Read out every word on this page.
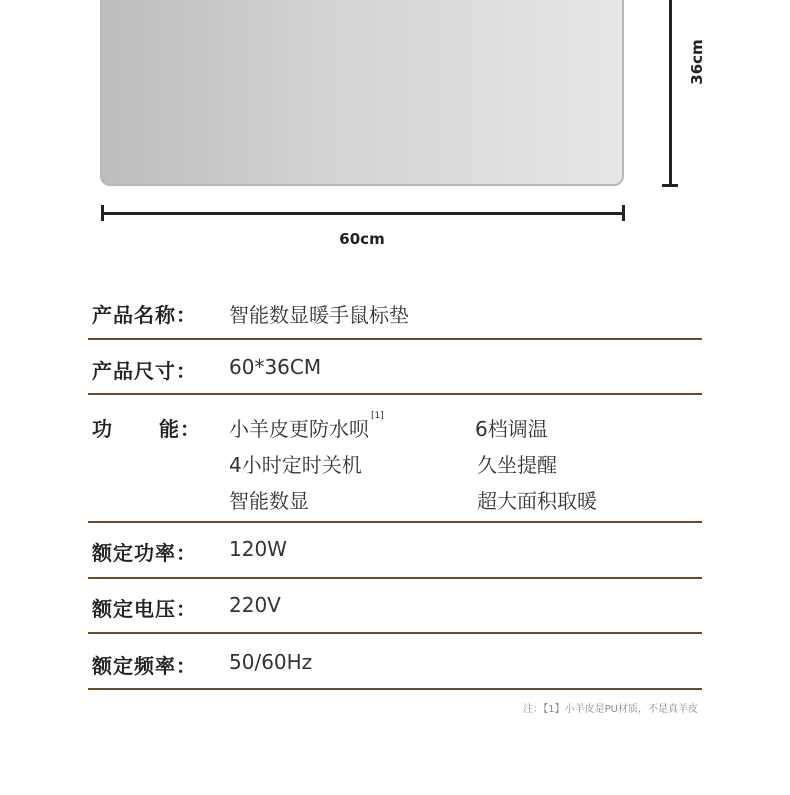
36cm
60cm
产品名称： 智能数显暖手鼠标垫
产品尺寸： 60*36CM
功 能： 小羊皮更防水呗[1]
6档调温
4小时定时关机	久坐提醒
智能数显	超大面积取暖
额定功率： 120W
额定电压： 220V
额定频率： 50/60Hz
注：【1】小羊皮是PU材质，不是真羊皮
